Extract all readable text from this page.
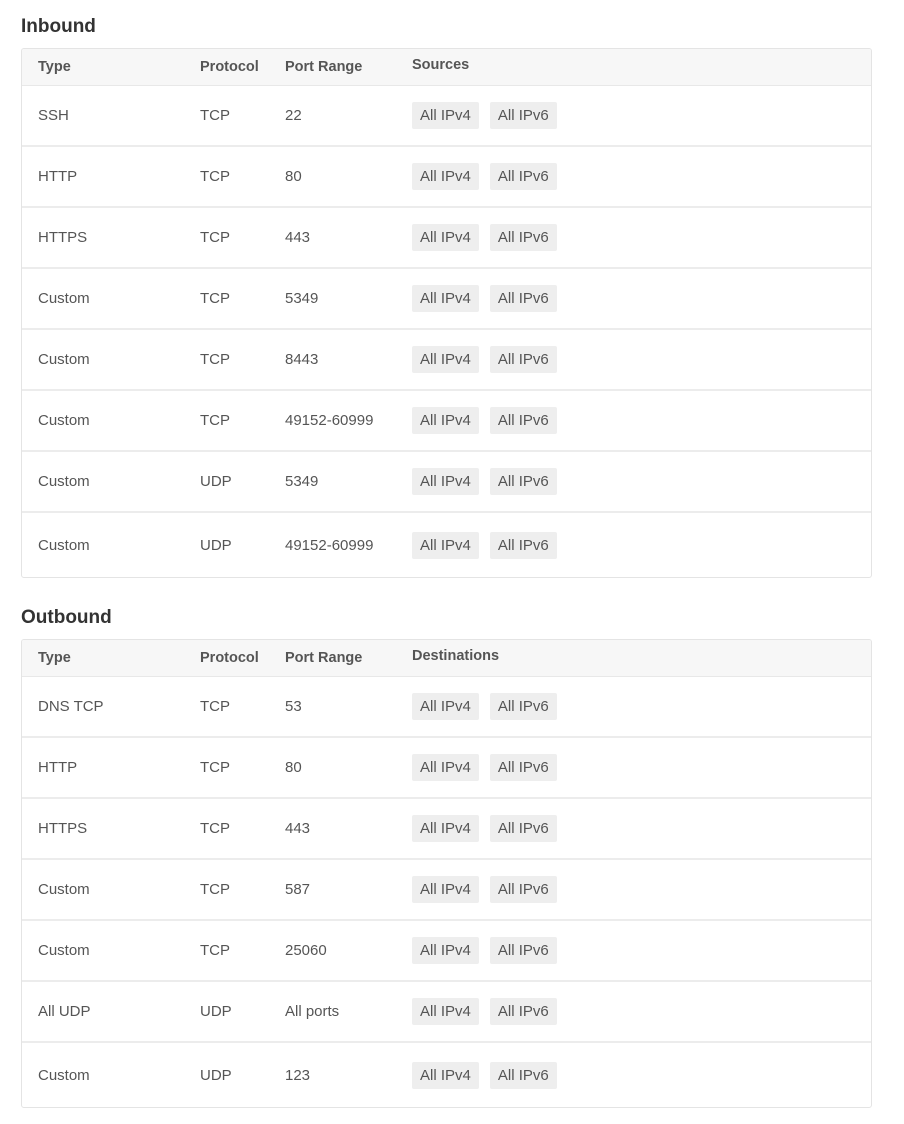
Inbound
Type	Protocol	Port Range	Sources
SSH	TCP	22	All IPv4	All IPv6
HTTP	TCP	80	All IPv4	All IPv6
HTTPS	TCP	443	All IPv4	All IPv6
Custom	TCP	5349	All IPv4	All IPv6
Custom	TCP	8443	All IPv4	All IPv6
Custom	TCP	49152-60999	All IPv4	All IPv6
Custom	UDP	5349	All IPv4	All IPv6
Custom	UDP	49152-60999	All IPv4	All IPv6
Outbound
Type	Protocol	Port Range	Destinations
DNS TCP	TCP	53	All IPv4	All IPv6
HTTP	TCP	80	All IPv4	All IPv6
HTTPS	TCP	443	All IPv4	All IPv6
Custom	TCP	587	All IPv4	All IPv6
Custom	TCP	25060	All IPv4	All IPv6
All UDP	UDP	All ports	All IPv4	All IPv6
Custom	UDP	123	All IPv4	All IPv6
